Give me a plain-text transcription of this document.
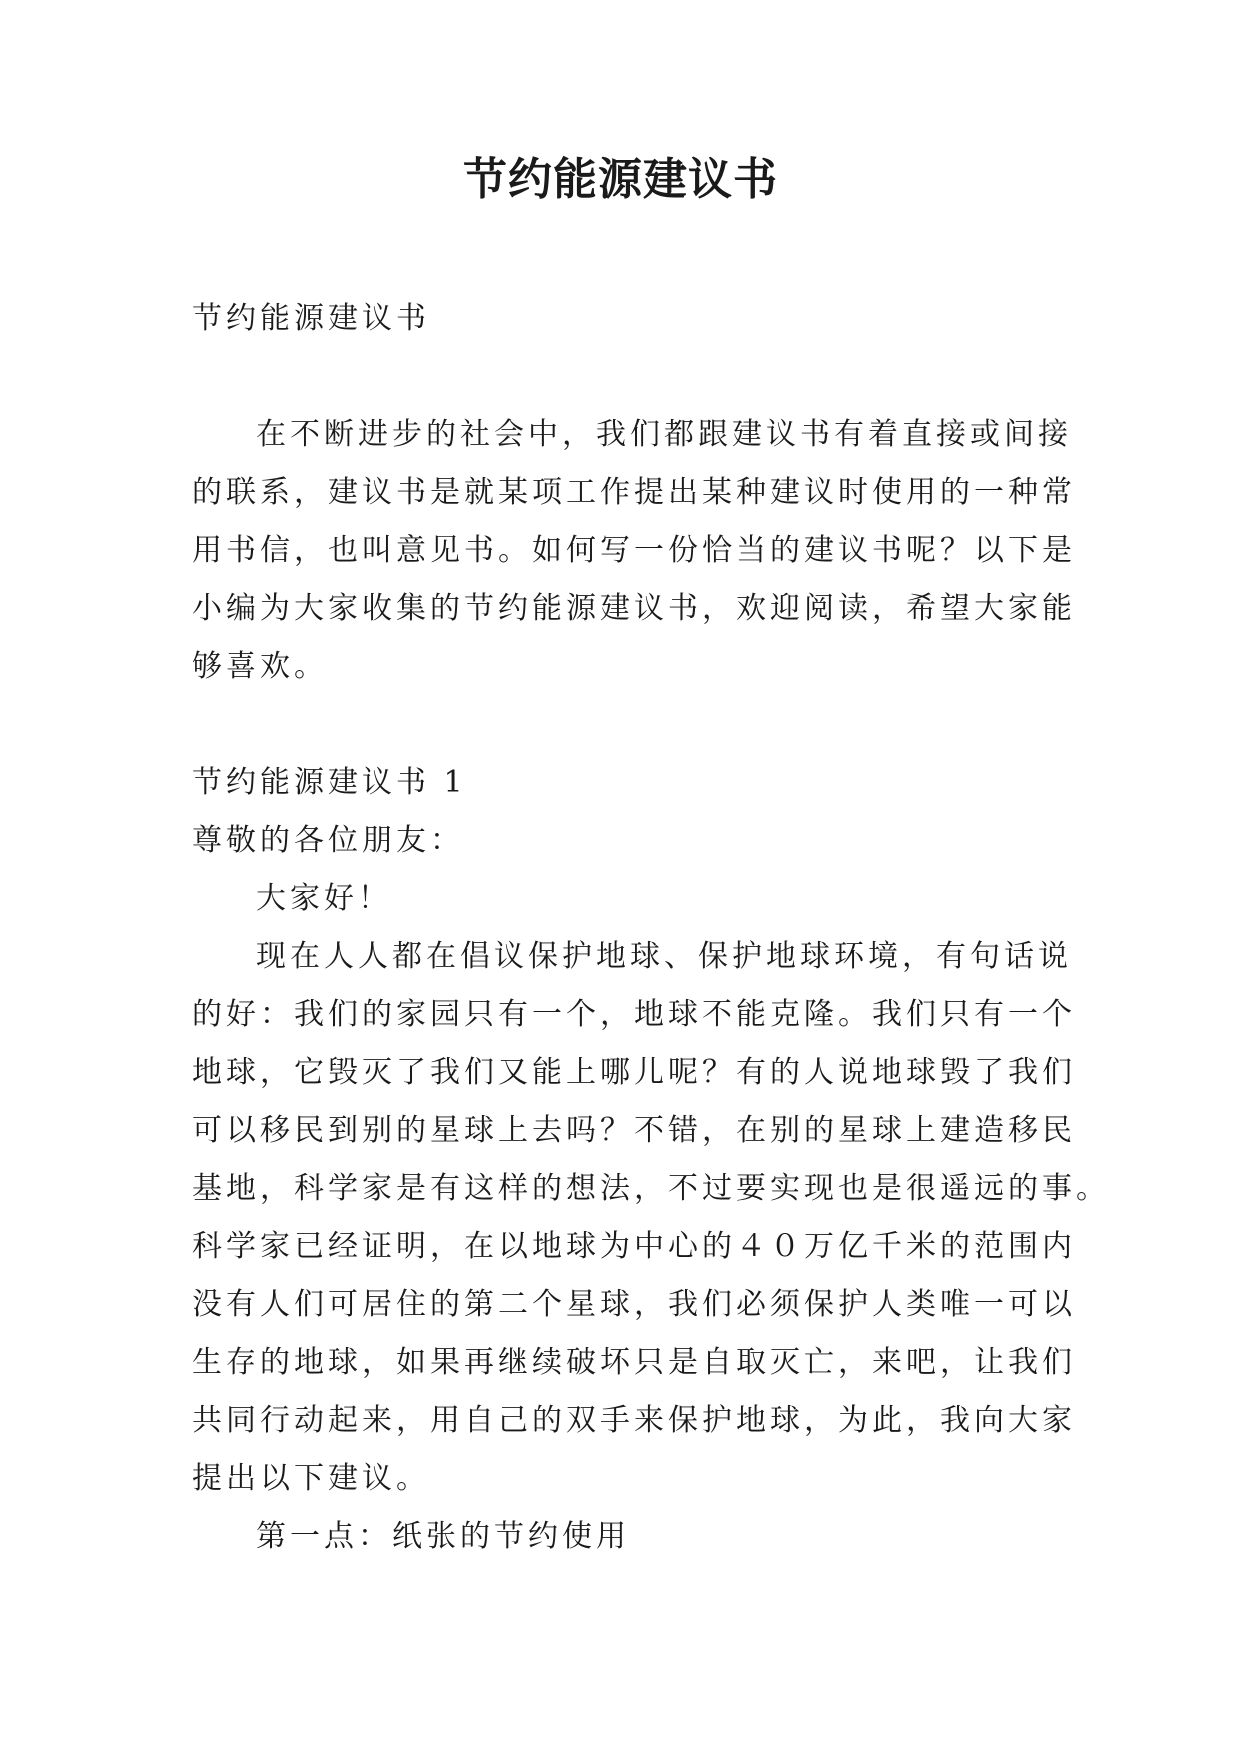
节约能源建议书

节约能源建议书

在不断进步的社会中，我们都跟建议书有着直接或间接

的联系，建议书是就某项工作提出某种建议时使用的一种常

用书信，也叫意见书。如何写一份恰当的建议书呢？以下是

小编为大家收集的节约能源建议书，欢迎阅读，希望大家能

够喜欢。

节约能源建议书 1

尊敬的各位朋友：

大家好！

现在人人都在倡议保护地球、保护地球环境，有句话说

的好：我们的家园只有一个，地球不能克隆。我们只有一个

地球，它毁灭了我们又能上哪儿呢？有的人说地球毁了我们

可以移民到别的星球上去吗？不错，在别的星球上建造移民

基地，科学家是有这样的想法，不过要实现也是很遥远的事。

科学家已经证明，在以地球为中心的４０万亿千米的范围内

没有人们可居住的第二个星球，我们必须保护人类唯一可以

生存的地球，如果再继续破坏只是自取灭亡，来吧，让我们

共同行动起来，用自己的双手来保护地球，为此，我向大家

提出以下建议。

第一点：纸张的节约使用
